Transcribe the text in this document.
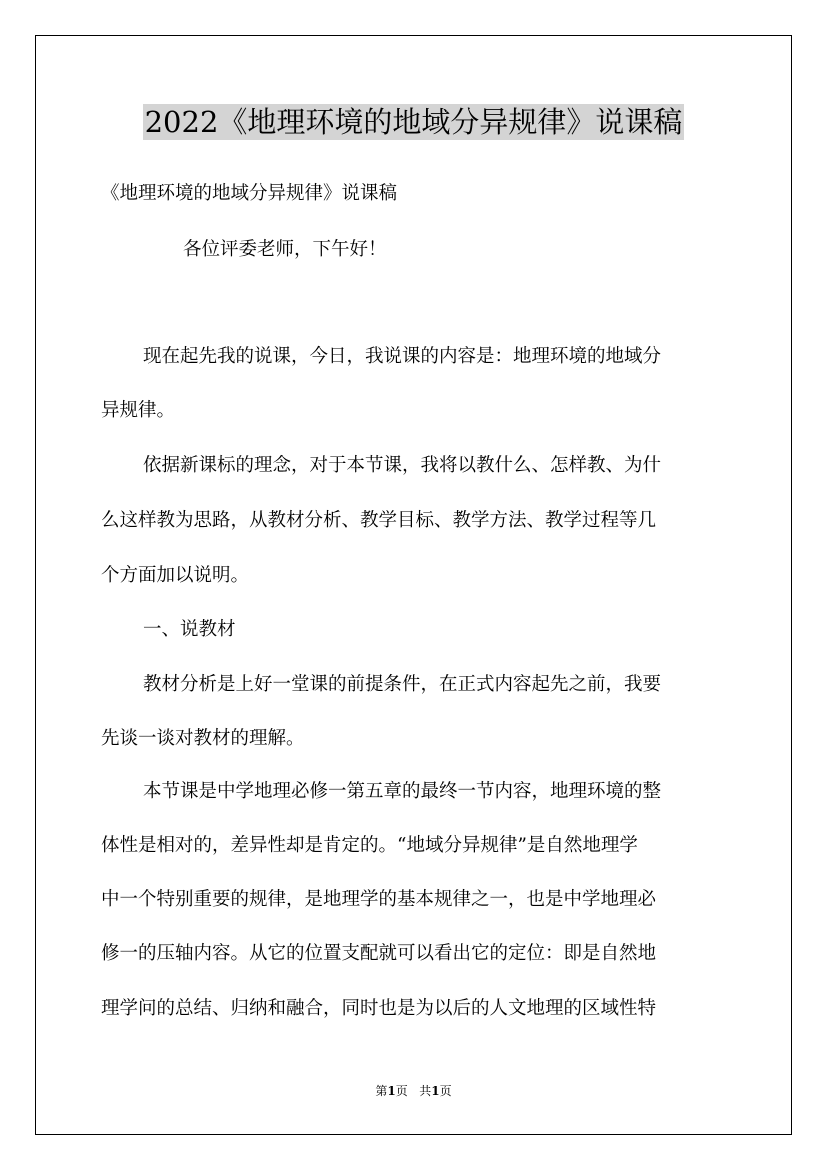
2022《地理环境的地域分异规律》说课稿
《地理环境的地域分异规律》说课稿
各位评委老师，下午好！
现在起先我的说课，今日，我说课的内容是：地理环境的地域分
异规律。
依据新课标的理念，对于本节课，我将以教什么、怎样教、为什
么这样教为思路，从教材分析、教学目标、教学方法、教学过程等几
个方面加以说明。
一、说教材
教材分析是上好一堂课的前提条件，在正式内容起先之前，我要
先谈一谈对教材的理解。
本节课是中学地理必修一第五章的最终一节内容，地理环境的整
体性是相对的，差异性却是肯定的。“地域分异规律”是自然地理学
中一个特别重要的规律，是地理学的基本规律之一，也是中学地理必
修一的压轴内容。从它的位置支配就可以看出它的定位：即是自然地
理学问的总结、归纳和融合，同时也是为以后的人文地理的区域性特
第1页   共1页
